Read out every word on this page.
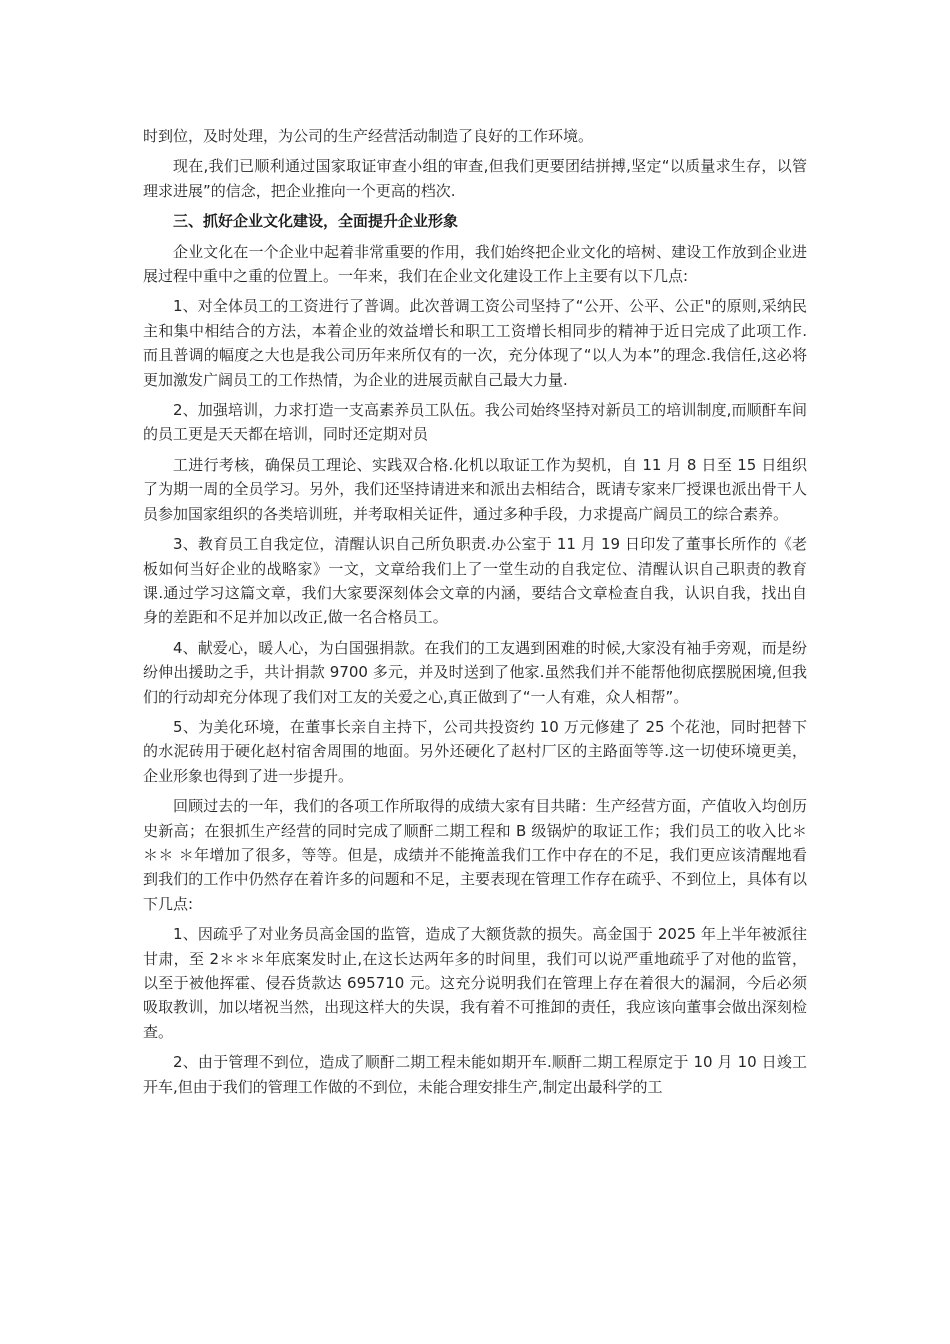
时到位，及时处理，为公司的生产经营活动制造了良好的工作环境。

现在,我们已顺利通过国家取证审查小组的审查,但我们更要团结拼搏,坚定“以质量求生存，以管理求进展”的信念，把企业推向一个更高的档次.

三、抓好企业文化建设，全面提升企业形象

企业文化在一个企业中起着非常重要的作用，我们始终把企业文化的培树、建设工作放到企业进展过程中重中之重的位置上。一年来，我们在企业文化建设工作上主要有以下几点:

1、对全体员工的工资进行了普调。此次普调工资公司坚持了“公开、公平、公正"的原则,采纳民主和集中相结合的方法，本着企业的效益增长和职工工资增长相同步的精神于近日完成了此项工作.而且普调的幅度之大也是我公司历年来所仅有的一次，充分体现了“以人为本”的理念.我信任,这必将更加激发广阔员工的工作热情，为企业的进展贡献自己最大力量.

2、加强培训，力求打造一支高素养员工队伍。我公司始终坚持对新员工的培训制度,而顺酐车间的员工更是天天都在培训，同时还定期对员

工进行考核，确保员工理论、实践双合格.化机以取证工作为契机，自 11 月 8 日至 15 日组织了为期一周的全员学习。另外，我们还坚持请进来和派出去相结合，既请专家来厂授课也派出骨干人员参加国家组织的各类培训班，并考取相关证件，通过多种手段，力求提高广阔员工的综合素养。

3、教育员工自我定位，清醒认识自己所负职责.办公室于 11 月 19 日印发了董事长所作的《老板如何当好企业的战略家》一文，文章给我们上了一堂生动的自我定位、清醒认识自己职责的教育课.通过学习这篇文章，我们大家要深刻体会文章的内涵，要结合文章检查自我，认识自我，找出自身的差距和不足并加以改正,做一名合格员工。

4、献爱心，暖人心，为白国强捐款。在我们的工友遇到困难的时候,大家没有袖手旁观，而是纷纷伸出援助之手，共计捐款 9700 多元，并及时送到了他家.虽然我们并不能帮他彻底摆脱困境,但我们的行动却充分体现了我们对工友的关爱之心,真正做到了“一人有难，众人相帮”。

5、为美化环境，在董事长亲自主持下，公司共投资约 10 万元修建了 25 个花池，同时把替下的水泥砖用于硬化赵村宿舍周围的地面。另外还硬化了赵村厂区的主路面等等.这一切使环境更美，企业形象也得到了进一步提升。

回顾过去的一年，我们的各项工作所取得的成绩大家有目共睹：生产经营方面，产值收入均创历史新高；在狠抓生产经营的同时完成了顺酐二期工程和 B 级锅炉的取证工作；我们员工的收入比＊＊＊ ＊年增加了很多，等等。但是，成绩并不能掩盖我们工作中存在的不足，我们更应该清醒地看到我们的工作中仍然存在着许多的问题和不足，主要表现在管理工作存在疏乎、不到位上，具体有以下几点:

1、因疏乎了对业务员高金国的监管，造成了大额货款的损失。高金国于 2025 年上半年被派往甘肃，至 2＊＊＊年底案发时止,在这长达两年多的时间里，我们可以说严重地疏乎了对他的监管，以至于被他挥霍、侵吞货款达 695710 元。这充分说明我们在管理上存在着很大的漏洞，今后必须吸取教训，加以堵祝当然，出现这样大的失误，我有着不可推卸的责任，我应该向董事会做出深刻检查。

2、由于管理不到位，造成了顺酐二期工程未能如期开车.顺酐二期工程原定于 10 月 10 日竣工开车,但由于我们的管理工作做的不到位，未能合理安排生产,制定出最科学的工
